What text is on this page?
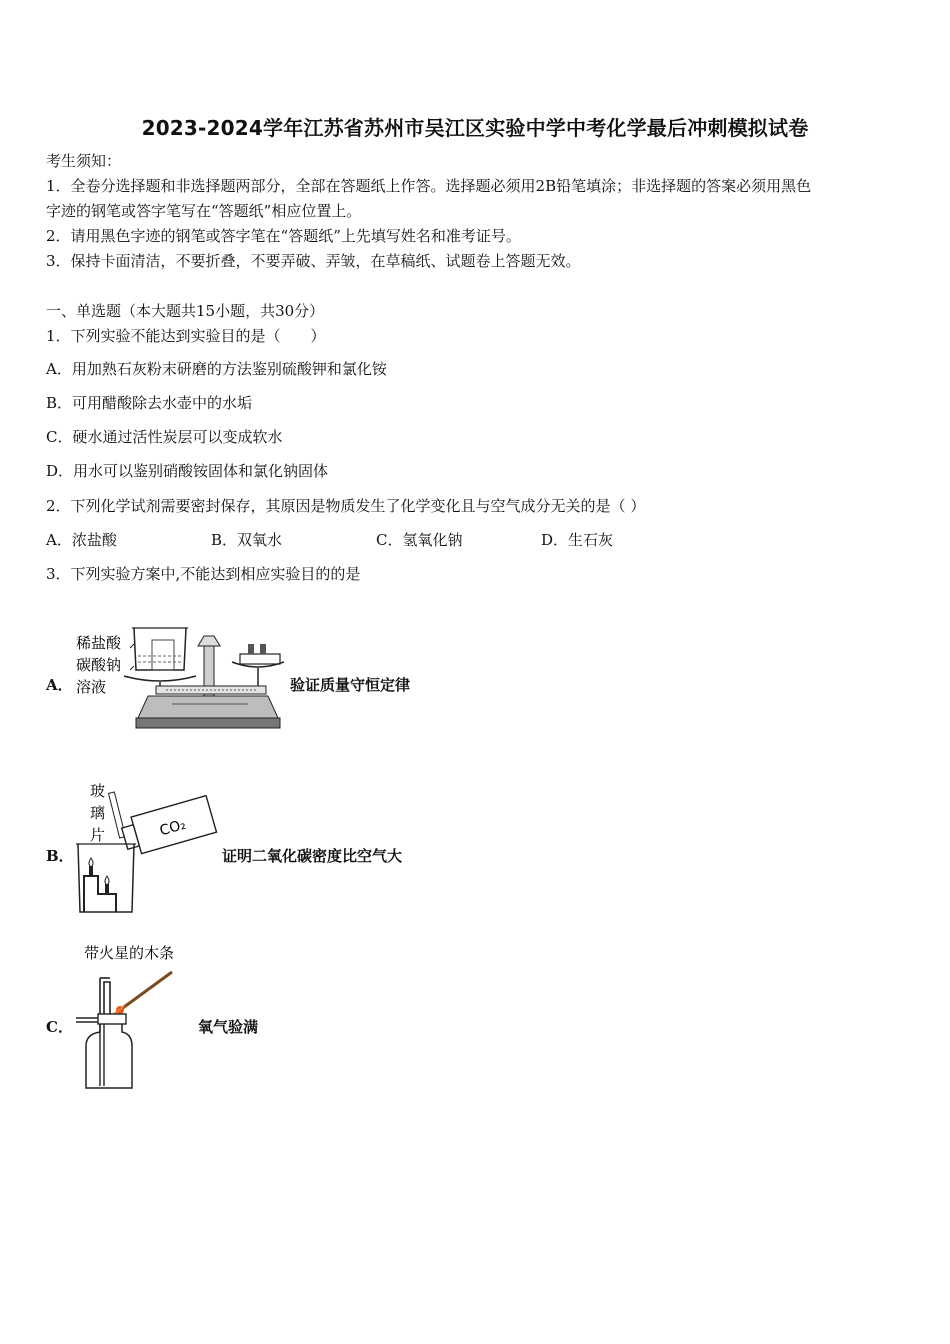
2023-2024学年江苏省苏州市吴江区实验中学中考化学最后冲刺模拟试卷
考生须知：
1．全卷分选择题和非选择题两部分，全部在答题纸上作答。选择题必须用2B铅笔填涂；非选择题的答案必须用黑色
字迹的钢笔或答字笔写在“答题纸”相应位置上。
2．请用黑色字迹的钢笔或答字笔在“答题纸”上先填写姓名和准考证号。
3．保持卡面清洁，不要折叠，不要弄破、弄皱，在草稿纸、试题卷上答题无效。
一、单选题（本大题共15小题，共30分）
1．下列实验不能达到实验目的是（　　）
A．用加熟石灰粉末研磨的方法鉴别硫酸钾和氯化铵
B．可用醋酸除去水壶中的水垢
C．硬水通过活性炭层可以变成软水
D．用水可以鉴别硝酸铵固体和氯化钠固体
2．下列化学试剂需要密封保存，其原因是物质发生了化学变化且与空气成分无关的是（ ）
A．浓盐酸	B．双氧水	C．氢氧化钠	D．生石灰
3．下列实验方案中,不能达到相应实验目的的是
A．
稀盐酸
碳酸钠
溶液	验证质量守恒定律
B．
玻
璃
片	CO₂
证明二氧化碳密度比空气大
C．
带火星的木条
氧气验满
